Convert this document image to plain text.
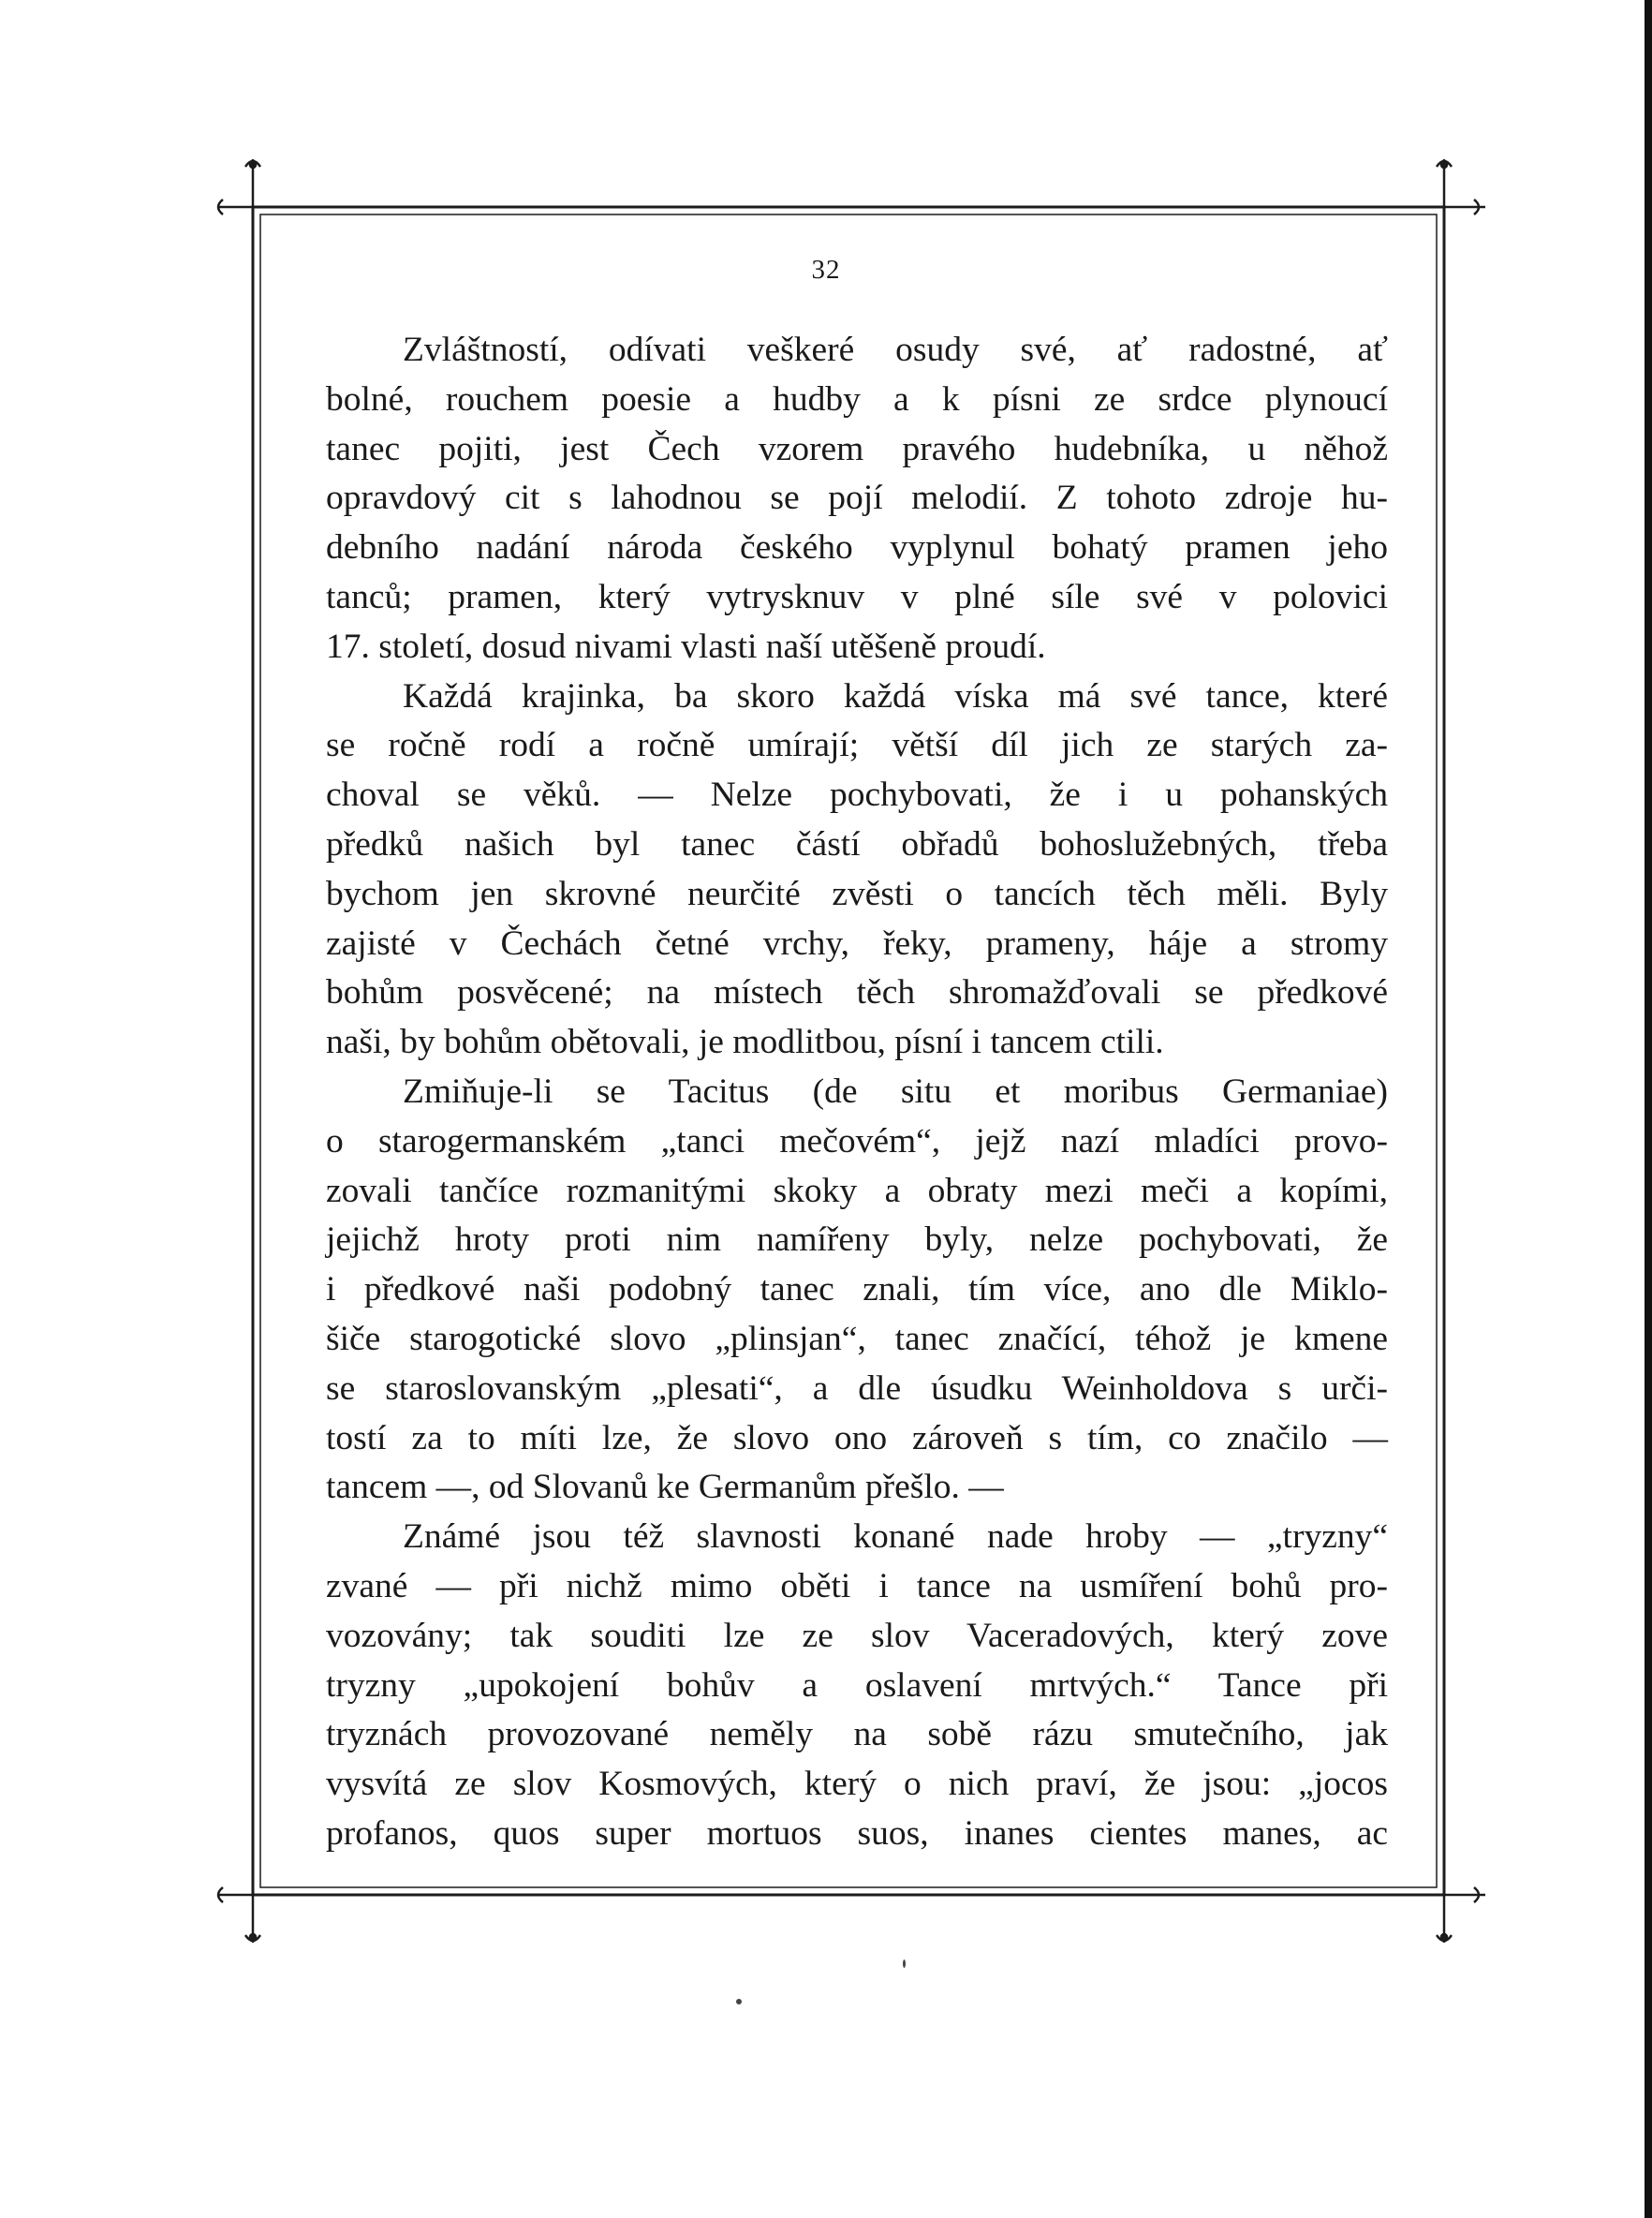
32
Zvláštností, odívati veškeré osudy své, ať radostné, ať
bolné, rouchem poesie a hudby a k písni ze srdce plynoucí
tanec pojiti, jest Čech vzorem pravého hudebníka, u něhož
opravdový cit s lahodnou se pojí melodií. Z tohoto zdroje hu-
debního nadání národa českého vyplynul bohatý pramen jeho
tanců; pramen, který vytrysknuv v plné síle své v polovici
17. století, dosud nivami vlasti naší utěšeně proudí.
Každá krajinka, ba skoro každá víska má své tance, které
se ročně rodí a ročně umírají; větší díl jich ze starých za-
choval se věků. — Nelze pochybovati, že i u pohanských
předků našich byl tanec částí obřadů bohoslužebných, třeba
bychom jen skrovné neurčité zvěsti o tancích těch měli. Byly
zajisté v Čechách četné vrchy, řeky, prameny, háje a stromy
bohům posvěcené; na místech těch shromažďovali se předkové
naši, by bohům obětovali, je modlitbou, písní i tancem ctili.
Zmiňuje-li se Tacitus (de situ et moribus Germaniae)
o starogermanském „tanci mečovém“, jejž nazí mladíci provo-
zovali tančíce rozmanitými skoky a obraty mezi meči a kopími,
jejichž hroty proti nim namířeny byly, nelze pochybovati, že
i předkové naši podobný tanec znali, tím více, ano dle Miklo-
šiče starogotické slovo „plinsjan“, tanec značící, téhož je kmene
se staroslovanským „plesati“, a dle úsudku Weinholdova s urči-
tostí za to míti lze, že slovo ono zároveň s tím, co značilo —
tancem —, od Slovanů ke Germanům přešlo. —
Známé jsou též slavnosti konané nade hroby — „tryzny“
zvané — při nichž mimo oběti i tance na usmíření bohů pro-
vozovány; tak souditi lze ze slov Vaceradových, který zove
tryzny „upokojení bohův a oslavení mrtvých.“ Tance při
tryznách provozované neměly na sobě rázu smutečního, jak
vysvítá ze slov Kosmových, který o nich praví, že jsou: „jocos
profanos, quos super mortuos suos, inanes cientes manes, ac
